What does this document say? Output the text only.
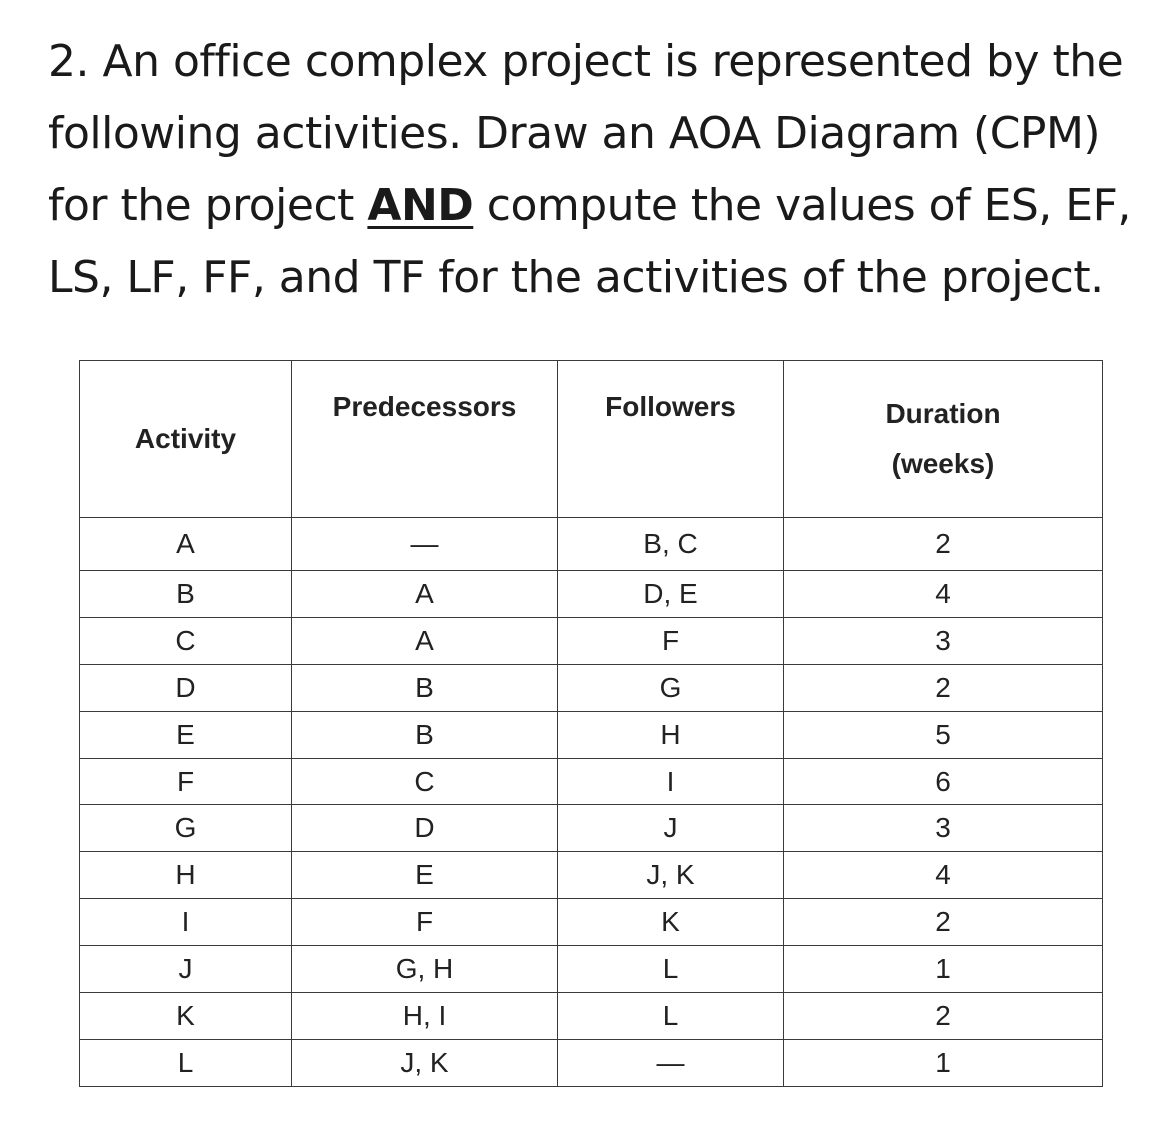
2. An office complex project is represented by the following activities. Draw an AOA Diagram (CPM) for the project AND compute the values of ES, EF, LS, LF, FF, and TF for the activities of the project.

Activity	Predecessors	Followers	Duration
(weeks)
A	—	B, C	2
B	A	D, E	4
C	A	F	3
D	B	G	2
E	B	H	5
F	C	I	6
G	D	J	3
H	E	J, K	4
I	F	K	2
J	G, H	L	1
K	H, I	L	2
L	J, K	—	1
